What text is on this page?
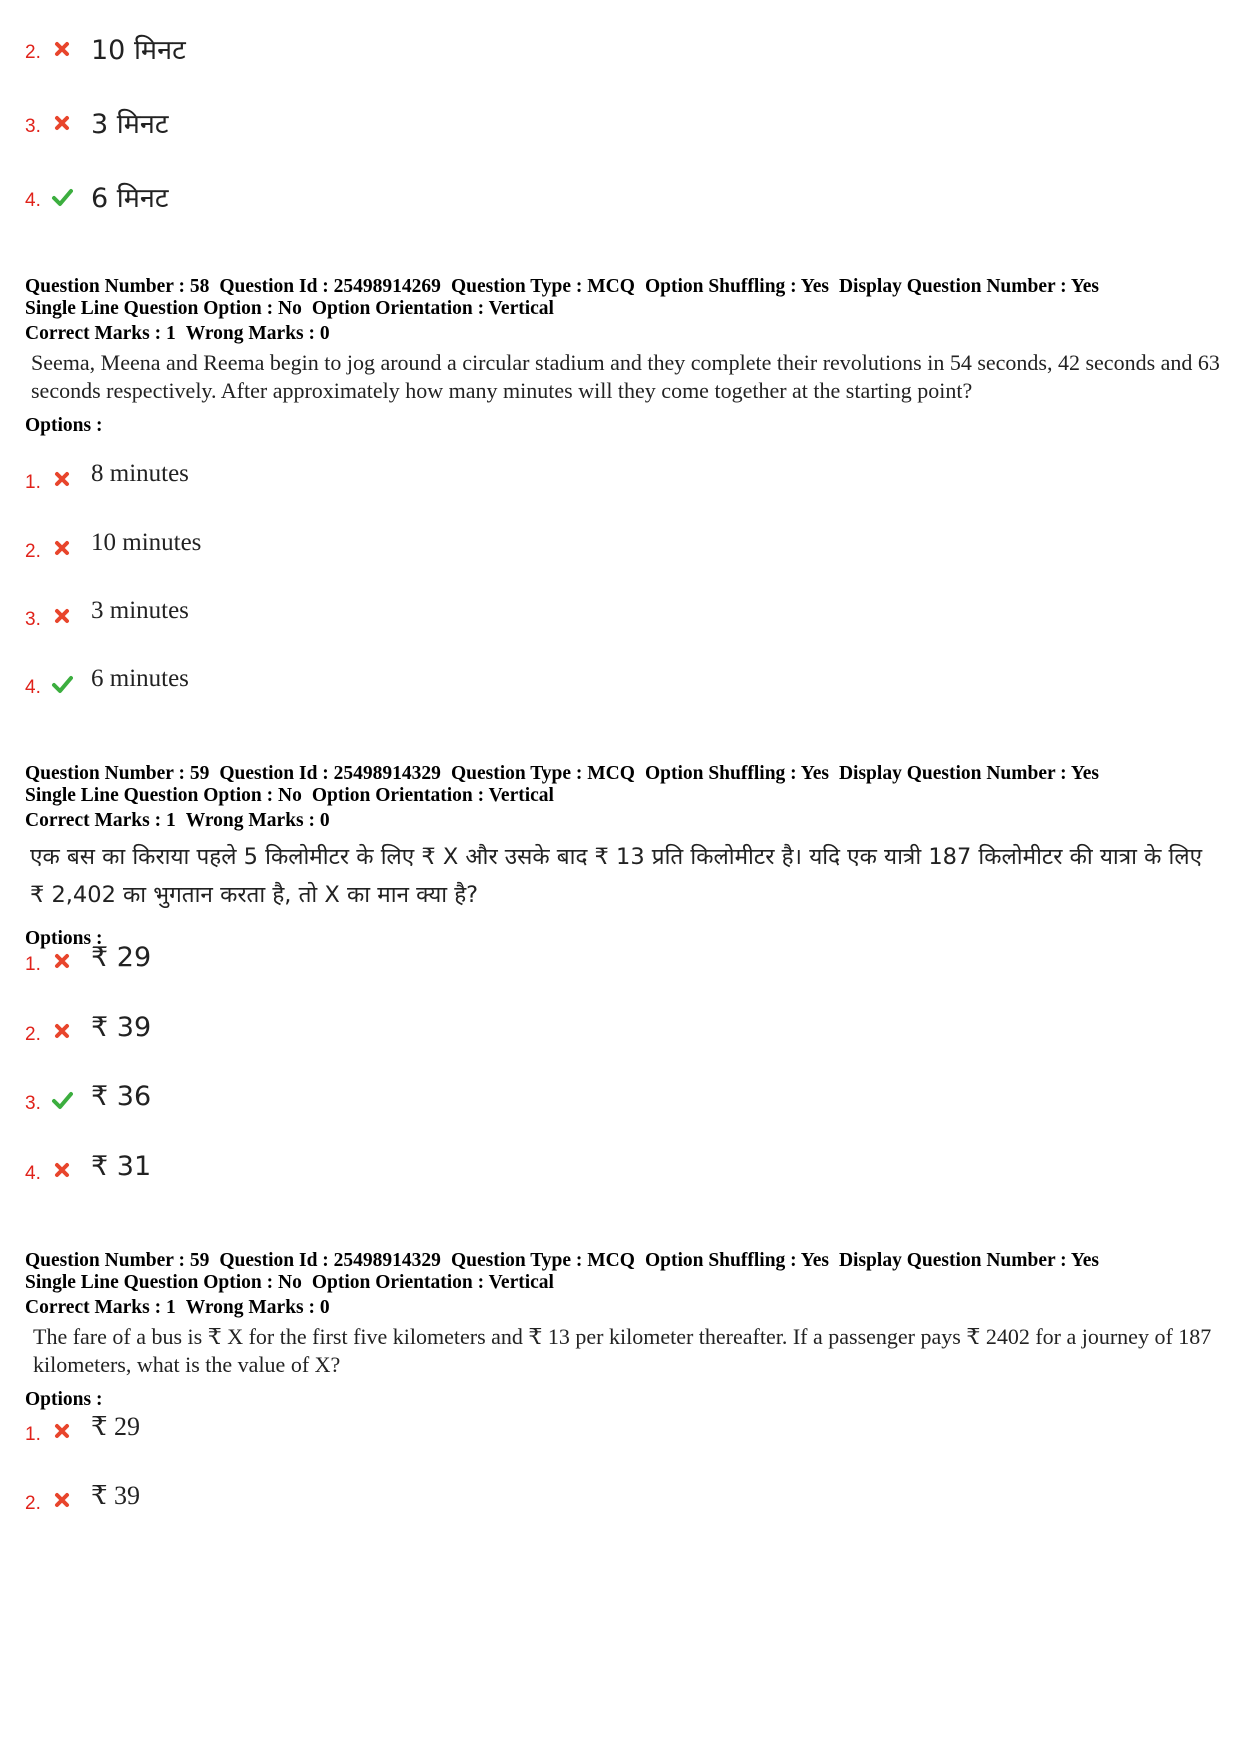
2. 10 मिनट
3. 3 मिनट
4. 6 मिनट
Question Number : 58 Question Id : 25498914269 Question Type : MCQ Option Shuffling : Yes Display Question Number : Yes
Single Line Question Option : No Option Orientation : Vertical
Correct Marks : 1 Wrong Marks : 0
Seema, Meena and Reema begin to jog around a circular stadium and they complete their revolutions in 54 seconds, 42 seconds and 63 seconds respectively. After approximately how many minutes will they come together at the starting point?
Options :
1. 8 minutes
2. 10 minutes
3. 3 minutes
4. 6 minutes
Question Number : 59 Question Id : 25498914329 Question Type : MCQ Option Shuffling : Yes Display Question Number : Yes
Single Line Question Option : No Option Orientation : Vertical
Correct Marks : 1 Wrong Marks : 0
एक बस का किराया पहले 5 किलोमीटर के लिए ₹ X और उसके बाद ₹ 13 प्रति किलोमीटर है। यदि एक यात्री 187 किलोमीटर की यात्रा के लिए ₹ 2,402 का भुगतान करता है, तो X का मान क्या है?
Options :
1. ₹ 29
2. ₹ 39
3. ₹ 36
4. ₹ 31
Question Number : 59 Question Id : 25498914329 Question Type : MCQ Option Shuffling : Yes Display Question Number : Yes
Single Line Question Option : No Option Orientation : Vertical
Correct Marks : 1 Wrong Marks : 0
The fare of a bus is ₹ X for the first five kilometers and ₹ 13 per kilometer thereafter. If a passenger pays ₹ 2402 for a journey of 187 kilometers, what is the value of X?
Options :
1. ₹ 29
2. ₹ 39
